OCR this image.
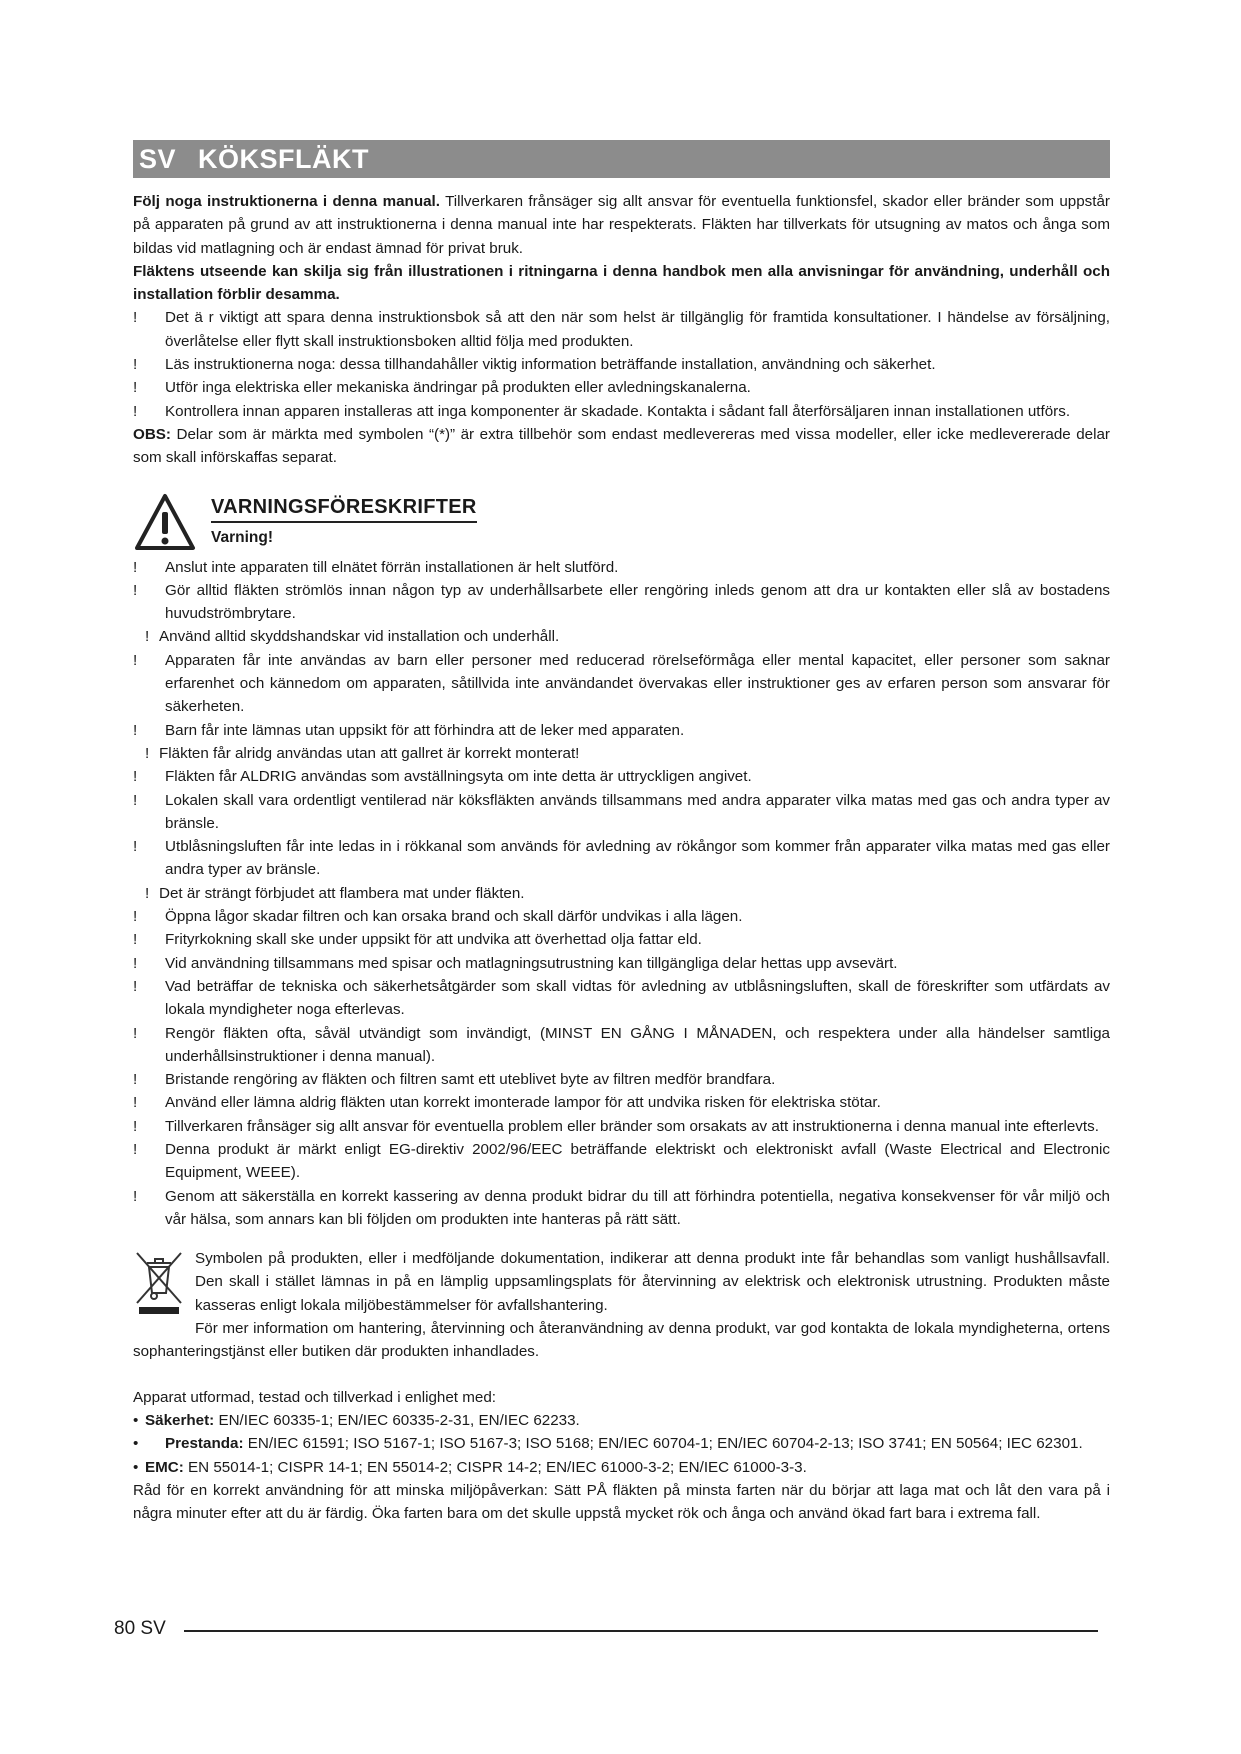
SV KÖKSFLÄKT

Följ noga instruktionerna i denna manual. Tillverkaren frånsäger sig allt ansvar för eventuella funktionsfel, skador eller bränder som uppstår på apparaten på grund av att instruktionerna i denna manual inte har respekterats. Fläkten har tillverkats för utsugning av matos och ånga som bildas vid matlagning och är endast ämnad för privat bruk.

Fläktens utseende kan skilja sig från illustrationen i ritningarna i denna handbok men alla anvisningar för användning, underhåll och installation förblir desamma.

!	Det ä r viktigt att spara denna instruktionsbok så att den när som helst är tillgänglig för framtida konsultationer. I händelse av försäljning, överlåtelse eller flytt skall instruktionsboken alltid följa med produkten.
!	Läs instruktionerna noga: dessa tillhandahåller viktig information beträffande installation, användning och säkerhet.
!	Utför inga elektriska eller mekaniska ändringar på produkten eller avledningskanalerna.
!	Kontrollera innan apparen installeras att inga komponenter är skadade. Kontakta i sådant fall återförsäljaren innan installationen utförs.

OBS: Delar som är märkta med symbolen “(*)” är extra tillbehör som endast medlevereras med vissa modeller, eller icke medlevererade delar som skall införskaffas separat.

VARNINGSFÖRESKRIFTER
Varning!
!	Anslut inte apparaten till elnätet förrän installationen är helt slutförd.
!	Gör alltid fläkten strömlös innan någon typ av underhållsarbete eller rengöring inleds genom att dra ur kontakten eller slå av bostadens huvudströmbrytare.
! Använd alltid skyddshandskar vid installation och underhåll.
!	Apparaten får inte användas av barn eller personer med reducerad rörelseförmåga eller mental kapacitet, eller personer som saknar erfarenhet och kännedom om apparaten, såtillvida inte användandet övervakas eller instruktioner ges av erfaren person som ansvarar för säkerheten.
!	Barn får inte lämnas utan uppsikt för att förhindra att de leker med apparaten.
! Fläkten får alridg användas utan att gallret är korrekt monterat!
!	Fläkten får ALDRIG användas som avställningsyta om inte detta är uttryckligen angivet.
!	Lokalen skall vara ordentligt ventilerad när köksfläkten används tillsammans med andra apparater vilka matas med gas och andra typer av bränsle.
!	Utblåsningsluften får inte ledas in i rökkanal som används för avledning av rökångor som kommer från apparater vilka matas med gas eller andra typer av bränsle.
! Det är strängt förbjudet att flambera mat under fläkten.
!	Öppna lågor skadar filtren och kan orsaka brand och skall därför undvikas i alla lägen.
!	Frityrkokning skall ske under uppsikt för att undvika att överhettad olja fattar eld.
!	Vid användning tillsammans med spisar och matlagningsutrustning kan tillgängliga delar hettas upp avsevärt.
!	Vad beträffar de tekniska och säkerhetsåtgärder som skall vidtas för avledning av utblåsningsluften, skall de föreskrifter som utfärdats av lokala myndigheter noga efterlevas.
!	Rengör fläkten ofta, såväl utvändigt som invändigt, (MINST EN GÅNG I MÅNADEN, och respektera under alla händelser samtliga underhållsinstruktioner i denna manual).
!	Bristande rengöring av fläkten och filtren samt ett uteblivet byte av filtren medför brandfara.
!	Använd eller lämna aldrig fläkten utan korrekt imonterade lampor för att undvika risken för elektriska stötar.
!	Tillverkaren frånsäger sig allt ansvar för eventuella problem eller bränder som orsakats av att instruktionerna i denna manual inte efterlevts.
!	Denna produkt är märkt enligt EG-direktiv 2002/96/EEC beträffande elektriskt och elektroniskt avfall (Waste Electrical and Electronic Equipment, WEEE).
!	Genom att säkerställa en korrekt kassering av denna produkt bidrar du till att förhindra potentiella, negativa konsekvenser för vår miljö och vår hälsa, som annars kan bli följden om produkten inte hanteras på rätt sätt.

Symbolen på produkten, eller i medföljande dokumentation, indikerar att denna produkt inte får behandlas som vanligt hushållsavfall. Den skall i stället lämnas in på en lämplig uppsamlingsplats för återvinning av elektrisk och elektronisk utrustning. Produkten måste kasseras enligt lokala miljöbestämmelser för avfallshantering.

För mer information om hantering, återvinning och återanvändning av denna produkt, var god kontakta de lokala myndigheterna, ortens sophanteringstjänst eller butiken där produkten inhandlades.

Apparat utformad, testad och tillverkad i enlighet med:

• Säkerhet: EN/IEC 60335-1; EN/IEC 60335-2-31, EN/IEC 62233.
•	Prestanda: EN/IEC 61591; ISO 5167-1; ISO 5167-3; ISO 5168; EN/IEC 60704-1; EN/IEC 60704-2-13; ISO 3741; EN 50564; IEC 62301.
• EMC: EN 55014-1; CISPR 14-1; EN 55014-2; CISPR 14-2; EN/IEC 61000-3-2; EN/IEC 61000-3-3.

Råd för en korrekt användning för att minska miljöpåverkan: Sätt PÅ fläkten på minsta farten när du börjar att laga mat och låt den vara på i några minuter efter att du är färdig. Öka farten bara om det skulle uppstå mycket rök och ånga och använd ökad fart bara i extrema fall.

80 SV
